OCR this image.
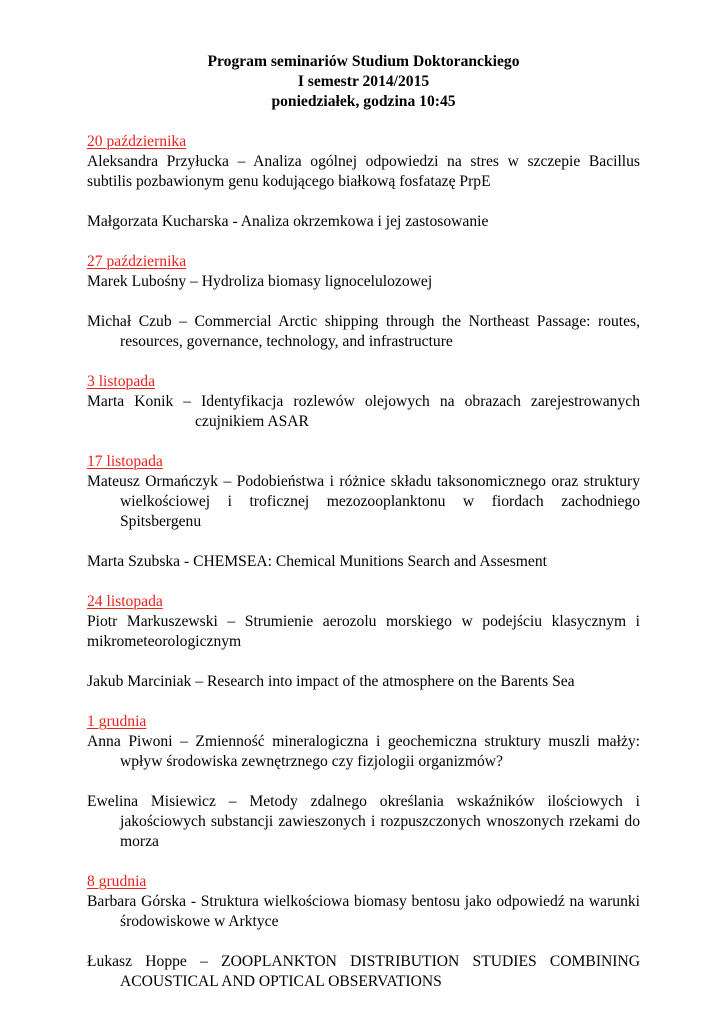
Program seminariów Studium Doktoranckiego
I semestr 2014/2015
poniedziałek, godzina 10:45
20 października
Aleksandra Przyłucka – Analiza ogólnej odpowiedzi na stres w szczepie Bacillus subtilis pozbawionym genu kodującego białkową fosfatazę PrpE
Małgorzata Kucharska - Analiza okrzemkowa i jej zastosowanie
27 października
Marek Lubośny – Hydroliza biomasy lignocelulozowej
Michał Czub – Commercial Arctic shipping through the Northeast Passage: routes, resources, governance, technology, and infrastructure
3 listopada
Marta Konik – Identyfikacja rozlewów olejowych na obrazach zarejestrowanych czujnikiem ASAR
17 listopada
Mateusz Ormańczyk – Podobieństwa i różnice składu taksonomicznego oraz struktury wielkościowej i troficznej mezozooplanktonu w fiordach zachodniego Spitsbergenu
Marta Szubska - CHEMSEA: Chemical Munitions Search and Assesment
24 listopada
Piotr Markuszewski – Strumienie aerozolu morskiego w podejściu klasycznym i mikrometeorologicznym
Jakub Marciniak – Research into impact of the atmosphere on the Barents Sea
1 grudnia
Anna Piwoni – Zmienność mineralogiczna i geochemiczna struktury muszli małży: wpływ środowiska zewnętrznego czy fizjologii organizmów?
Ewelina Misiewicz – Metody zdalnego określania wskaźników ilościowych i jakościowych substancji zawieszonych i rozpuszczonych wnoszonych rzekami do morza
8 grudnia
Barbara Górska - Struktura wielkościowa biomasy bentosu jako odpowiedź na warunki środowiskowe w Arktyce
Łukasz Hoppe – ZOOPLANKTON DISTRIBUTION STUDIES COMBINING ACOUSTICAL AND OPTICAL OBSERVATIONS
